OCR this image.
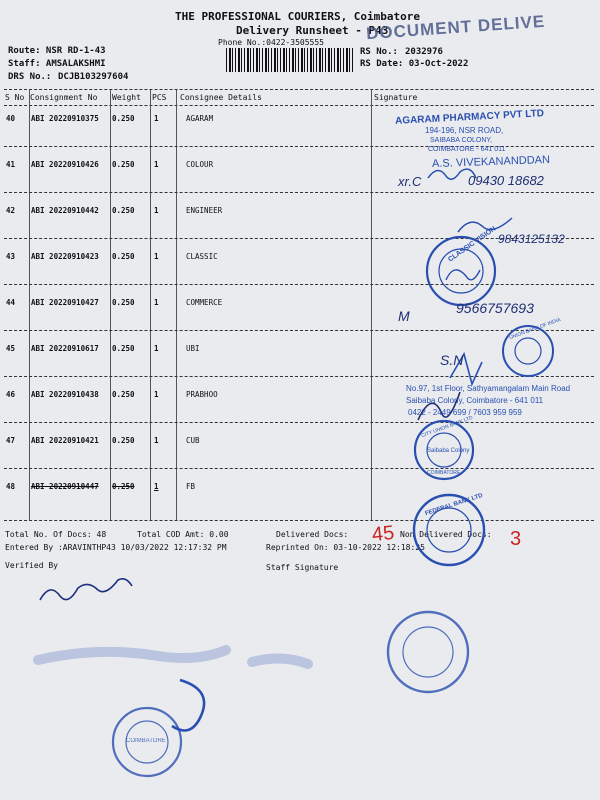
THE PROFESSIONAL COURIERS, Coimbatore
Delivery Runsheet - P43
Phone No.:0422-3505555 DOCUMENT DELIVE
Route: NSR RD-1-43
Staff: AMSALAKSHMI
DRS No.: DCJB103297604
RS No.: 2032976
RS Date: 03-Oct-2022
S No Consignment No Weight PCS Consignee Details	Signature
40 ABI 20220910375 0.250	1	AGARAM
41 ABI 20220910426 0.250	1	COLOUR
42 ABI 20220910442 0.250	1	ENGINEER
43 ABI 20220910423 0.250	1	CLASSIC
44 ABI 20220910427 0.250	1	COMMERCE
45 ABI 20220910617 0.250	1	UBI
46 ABI 20220910438 0.250	1	PRABHOO
47 ABI 20220910421 0.250	1	CUB
48 ABI 20220910447 0.250	1	FB
Total No. Of Docs: 48	Total COD Amt: 0.00	Delivered Docs:	Non Delivered Docs:
Entered By :ARAVINTHP43 10/03/2022 12:17:32 PM	Reprinted On: 03-10-2022 12:18:25
Verified By	Staff Signature
45	3
AGARAM PHARMACY PVT LTD
194-196, NSR ROAD,
SAIBABA COLONY,
COIMBATORE - 641 011
A.S. VIVEKANANDDAN
xr.C	09430 18682
9843125132
CLASSIC VISION
M	9566757693
UNION BANK OF INDIA
S.N
No.97, 1st Floor, Sathyamangalam Main Road
Saibaba Colony, Coimbatore - 641 011
0422 - 2449 699 / 7603 959 959
CITY UNION BANK LTD
Saibaba Colony
COIMBATORE
FEDERAL BANK LTD
COIMBATORE
